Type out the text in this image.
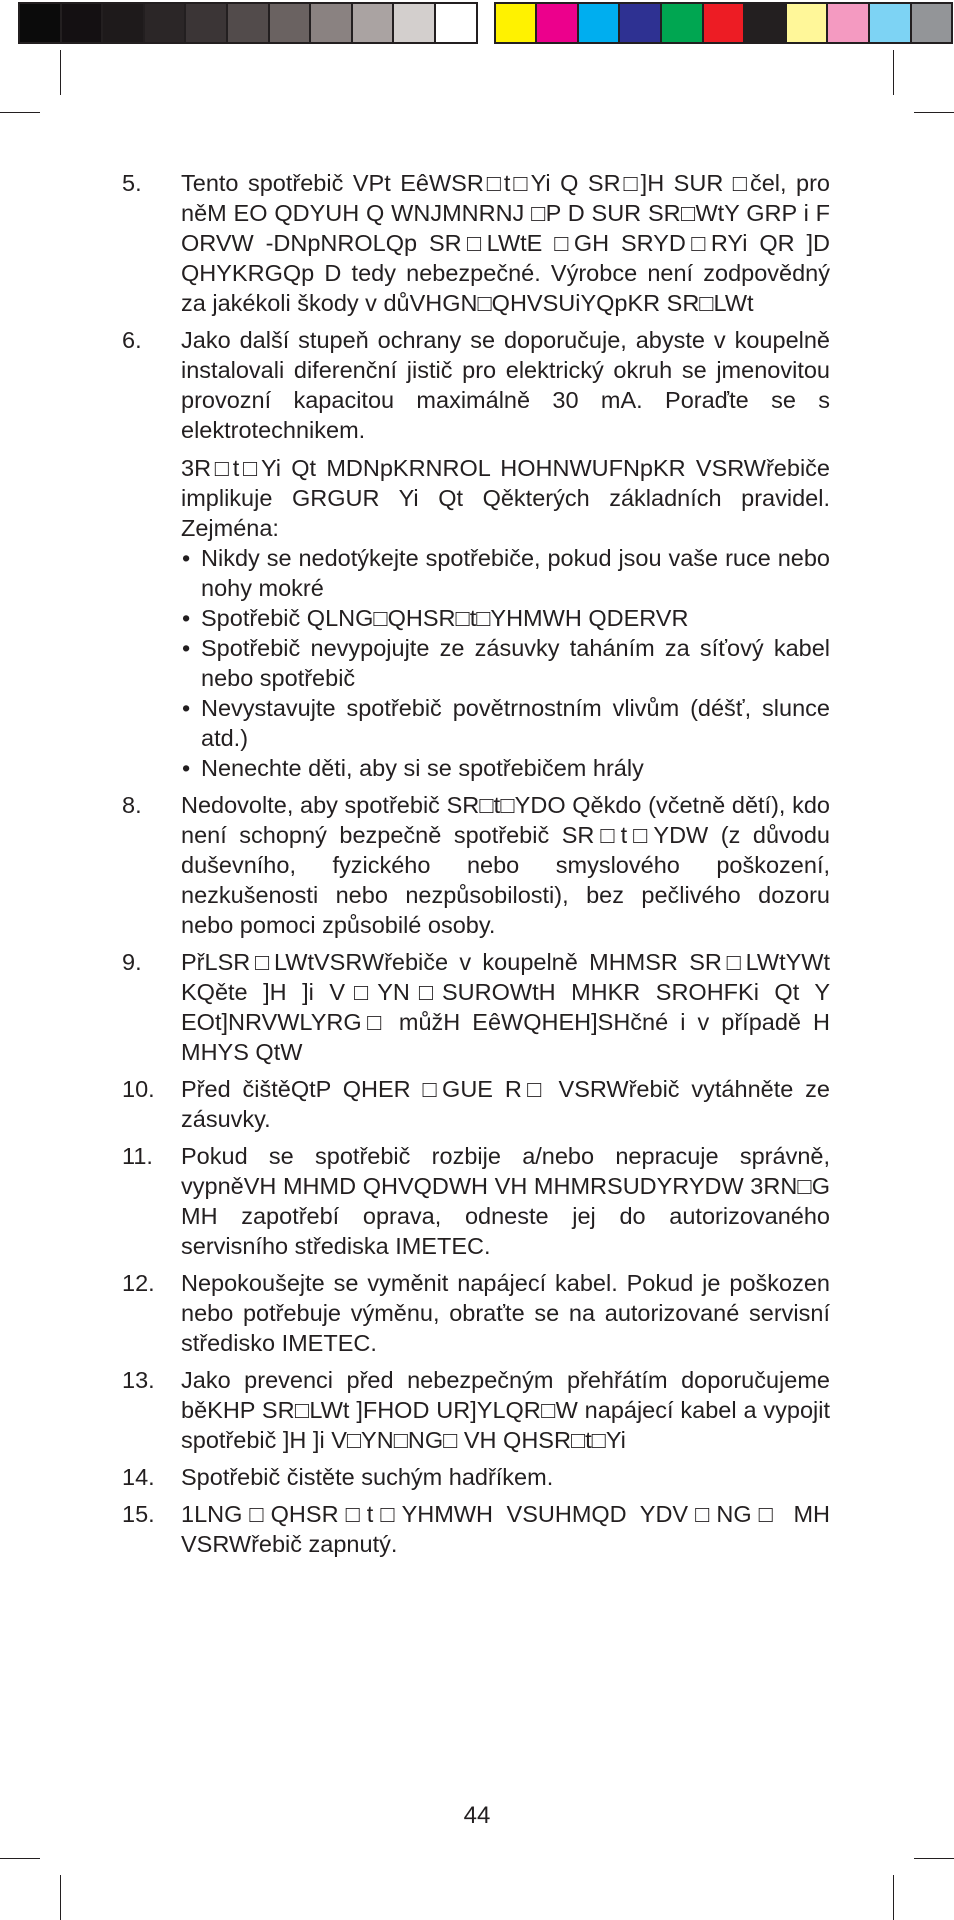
5. Tento spotřebič VPt EêWSR□t□Yi Q SR□]H SUR □čel, pro něM EO QDYUH Q WNJMNRNJ □P D SUR SR□WtY GRP i F ORVW -DNpNROLQp SR□LWtE □GH SRYD□RYi QR ]D QHYKRGQp D tedy nebezpečné. Výrobce není zodpovědný za jakékoli škody v důVHGN□QHVSUiYQpKR SR□LWt

6. Jako další stupeň ochrany se doporučuje, abyste v koupelně instalovali diferenční jistič pro elektrický okruh se jmenovitou provozní kapacitou maximálně 30 mA. Poraďte se s elektrotechnikem.

3R□t□Yi Qt MDNpKRNROL HOHNWUFNpKR VSRWřebiče implikuje GRGUR Yi Qt Qěkterých základních pravidel. Zejména:

• Nikdy se nedotýkejte spotřebiče, pokud jsou vaše ruce nebo nohy mokré
• Spotřebič QLNG□QHSR□t□YHMWH QDERVR
• Spotřebič nevypojujte ze zásuvky taháním za síťový kabel nebo spotřebič
• Nevystavujte spotřebič povětrnostním vlivům (déšť, slunce atd.)
• Nenechte děti, aby si se spotřebičem hrály
8. Nedovolte, aby spotřebič SR□t□YDO Qěkdo (včetně dětí), kdo není schopný bezpečně spotřebič SR□t□YDW (z důvodu duševního, fyzického nebo smyslového poškození, nezkušenosti nebo nezpůsobilosti), bez pečlivého dozoru nebo pomoci způsobilé osoby.

9. PřLSR□LWtVSRWřebiče v koupelně MHMSR SR□LWtYWt KQěte ]H ]i V□YN□SUROWtH MHKR SROHFKi Qt Y EOt]NRVWLYRG□ můžH EêWQHEH]SHčné i v případě H MHYS QtW

10. Před čištěQtP QHER □GUE R□ VSRWřebič vytáhněte ze zásuvky.

11. Pokud se spotřebič rozbije a/nebo nepracuje správně, vypněVH MHMD QHVQDWH VH MHMRSUDYRYDW 3RN□G MH zapotřebí oprava, odneste jej do autorizovaného servisního střediska IMETEC.

12. Nepokoušejte se vyměnit napájecí kabel. Pokud je poškozen nebo potřebuje výměnu, obraťte se na autorizované servisní středisko IMETEC.

13. Jako prevenci před nebezpečným přehřátím doporučujeme běKHP SR□LWt ]FHOD UR]YLQR□W napájecí kabel a vypojit spotřebič ]H ]i V□YN□NG□ VH QHSR□t□Yi

14. Spotřebič čistěte suchým hadříkem.

15. 1LNG□QHSR□t□YHMWH VSUHMQD YDV□NG□ MH VSRWřebič zapnutý.

44
